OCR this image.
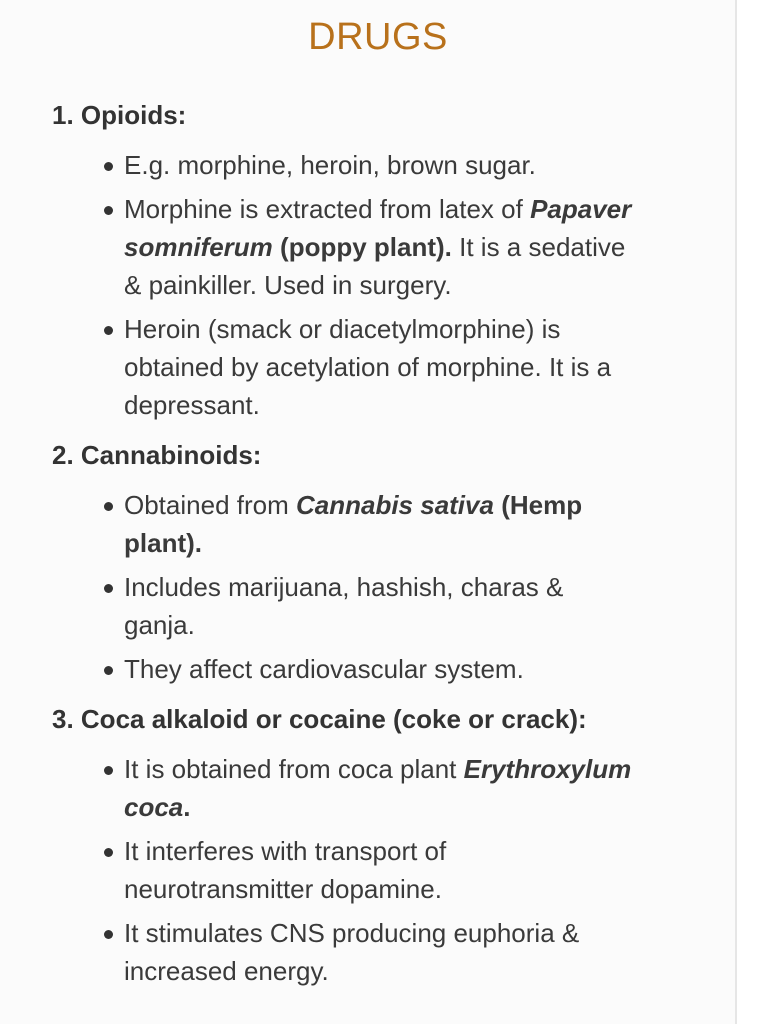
DRUGS
1. Opioids:
E.g. morphine, heroin, brown sugar.
Morphine is extracted from latex of Papaver somniferum (poppy plant). It is a sedative & painkiller. Used in surgery.
Heroin (smack or diacetylmorphine) is obtained by acetylation of morphine. It is a depressant.
2. Cannabinoids:
Obtained from Cannabis sativa (Hemp plant).
Includes marijuana, hashish, charas & ganja.
They affect cardiovascular system.
3. Coca alkaloid or cocaine (coke or crack):
It is obtained from coca plant Erythroxylum coca.
It interferes with transport of neurotransmitter dopamine.
It stimulates CNS producing euphoria & increased energy.
